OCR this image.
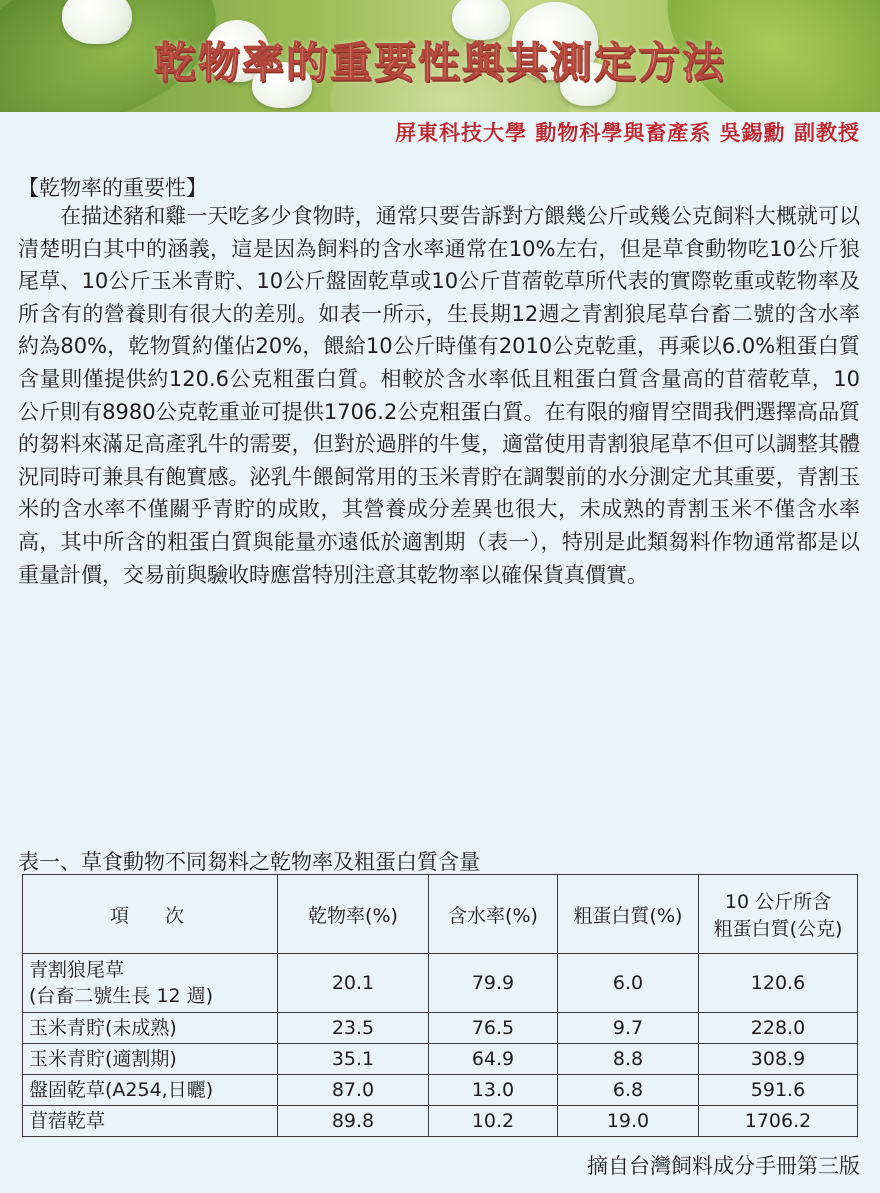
乾物率的重要性與其測定方法
屏東科技大學 動物科學與畜產系 吳錫勳 副教授
【乾物率的重要性】

在描述豬和雞一天吃多少食物時，通常只要告訴對方餵幾公斤或幾公克飼料大概就可以清楚明白其中的涵義，這是因為飼料的含水率通常在10%左右，但是草食動物吃10公斤狼尾草、10公斤玉米青貯、10公斤盤固乾草或10公斤苜蓿乾草所代表的實際乾重或乾物率及所含有的營養則有很大的差別。如表一所示，生長期12週之青割狼尾草台畜二號的含水率約為80%，乾物質約僅佔20%，餵給10公斤時僅有2010公克乾重，再乘以6.0%粗蛋白質含量則僅提供約120.6公克粗蛋白質。相較於含水率低且粗蛋白質含量高的苜蓿乾草，10公斤則有8980公克乾重並可提供1706.2公克粗蛋白質。在有限的瘤胃空間我們選擇高品質的芻料來滿足高產乳牛的需要，但對於過胖的牛隻，適當使用青割狼尾草不但可以調整其體況同時可兼具有飽實感。泌乳牛餵飼常用的玉米青貯在調製前的水分測定尤其重要，青割玉米的含水率不僅關乎青貯的成敗，其營養成分差異也很大，未成熟的青割玉米不僅含水率高，其中所含的粗蛋白質與能量亦遠低於適割期（表一），特別是此類芻料作物通常都是以重量計價，交易前與驗收時應當特別注意其乾物率以確保貨真價實。

表一、草食動物不同芻料之乾物率及粗蛋白質含量
項次	乾物率(%)	含水率(%)	粗蛋白質(%)	10 公斤所含
粗蛋白質(公克)

青割狼尾草
(台畜二號生長 12 週)	20.1	79.9	6.0	120.6
玉米青貯(未成熟)	23.5	76.5	9.7	228.0
玉米青貯(適割期)	35.1	64.9	8.8	308.9
盤固乾草(A254,日曬)	87.0	13.0	6.8	591.6
苜蓿乾草	89.8	10.2	19.0	1706.2
摘自台灣飼料成分手冊第三版
